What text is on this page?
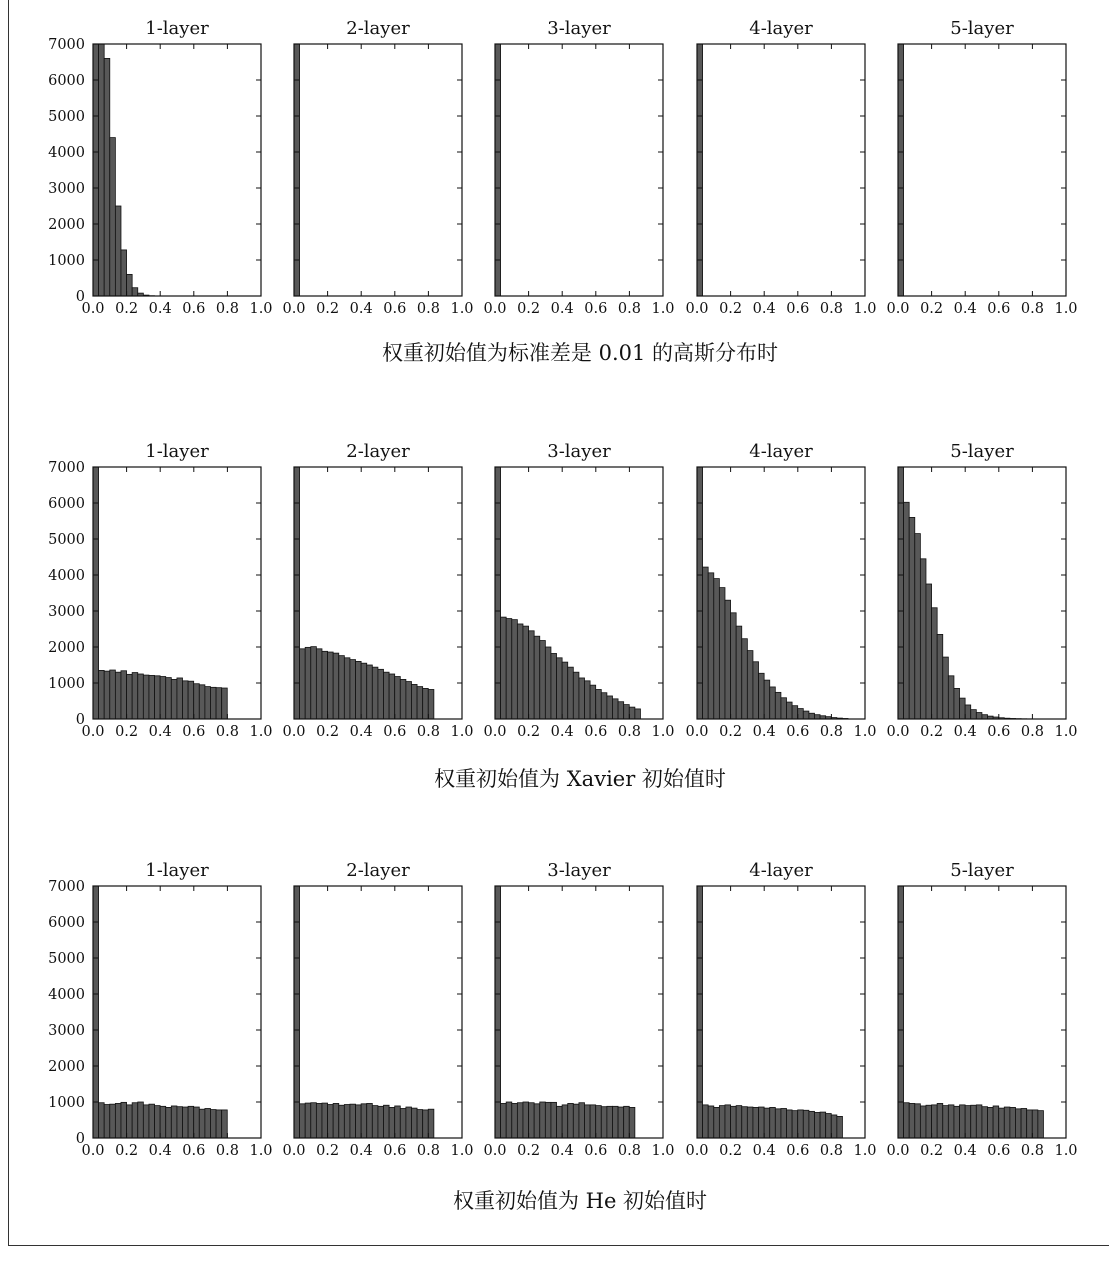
1-layer
0.0 0.2 0.4 0.6 0.8 1.0
0
1000
2000
3000
4000
5000
6000
7000
2-layer
0.0 0.2 0.4 0.6 0.8 1.0
3-layer
0.0 0.2 0.4 0.6 0.8 1.0
4-layer
0.0 0.2 0.4 0.6 0.8 1.0
5-layer
0.0 0.2 0.4 0.6 0.8 1.0
1-layer
0.0 0.2 0.4 0.6 0.8 1.0
0
1000
2000
3000
4000
5000
6000
7000
2-layer
0.0 0.2 0.4 0.6 0.8 1.0
3-layer
0.0 0.2 0.4 0.6 0.8 1.0
4-layer
0.0 0.2 0.4 0.6 0.8 1.0
5-layer
0.0 0.2 0.4 0.6 0.8 1.0
1-layer
0.0 0.2 0.4 0.6 0.8 1.0
0
1000
2000
3000
4000
5000
6000
7000
2-layer
0.0 0.2 0.4 0.6 0.8 1.0
3-layer
0.0 0.2 0.4 0.6 0.8 1.0
4-layer
0.0 0.2 0.4 0.6 0.8 1.0
5-layer
0.0 0.2 0.4 0.6 0.8 1.0
权重初始值为标准差是 0.01 的高斯分布时
权重初始值为 Xavier 初始值时
权重初始值为 He 初始值时
